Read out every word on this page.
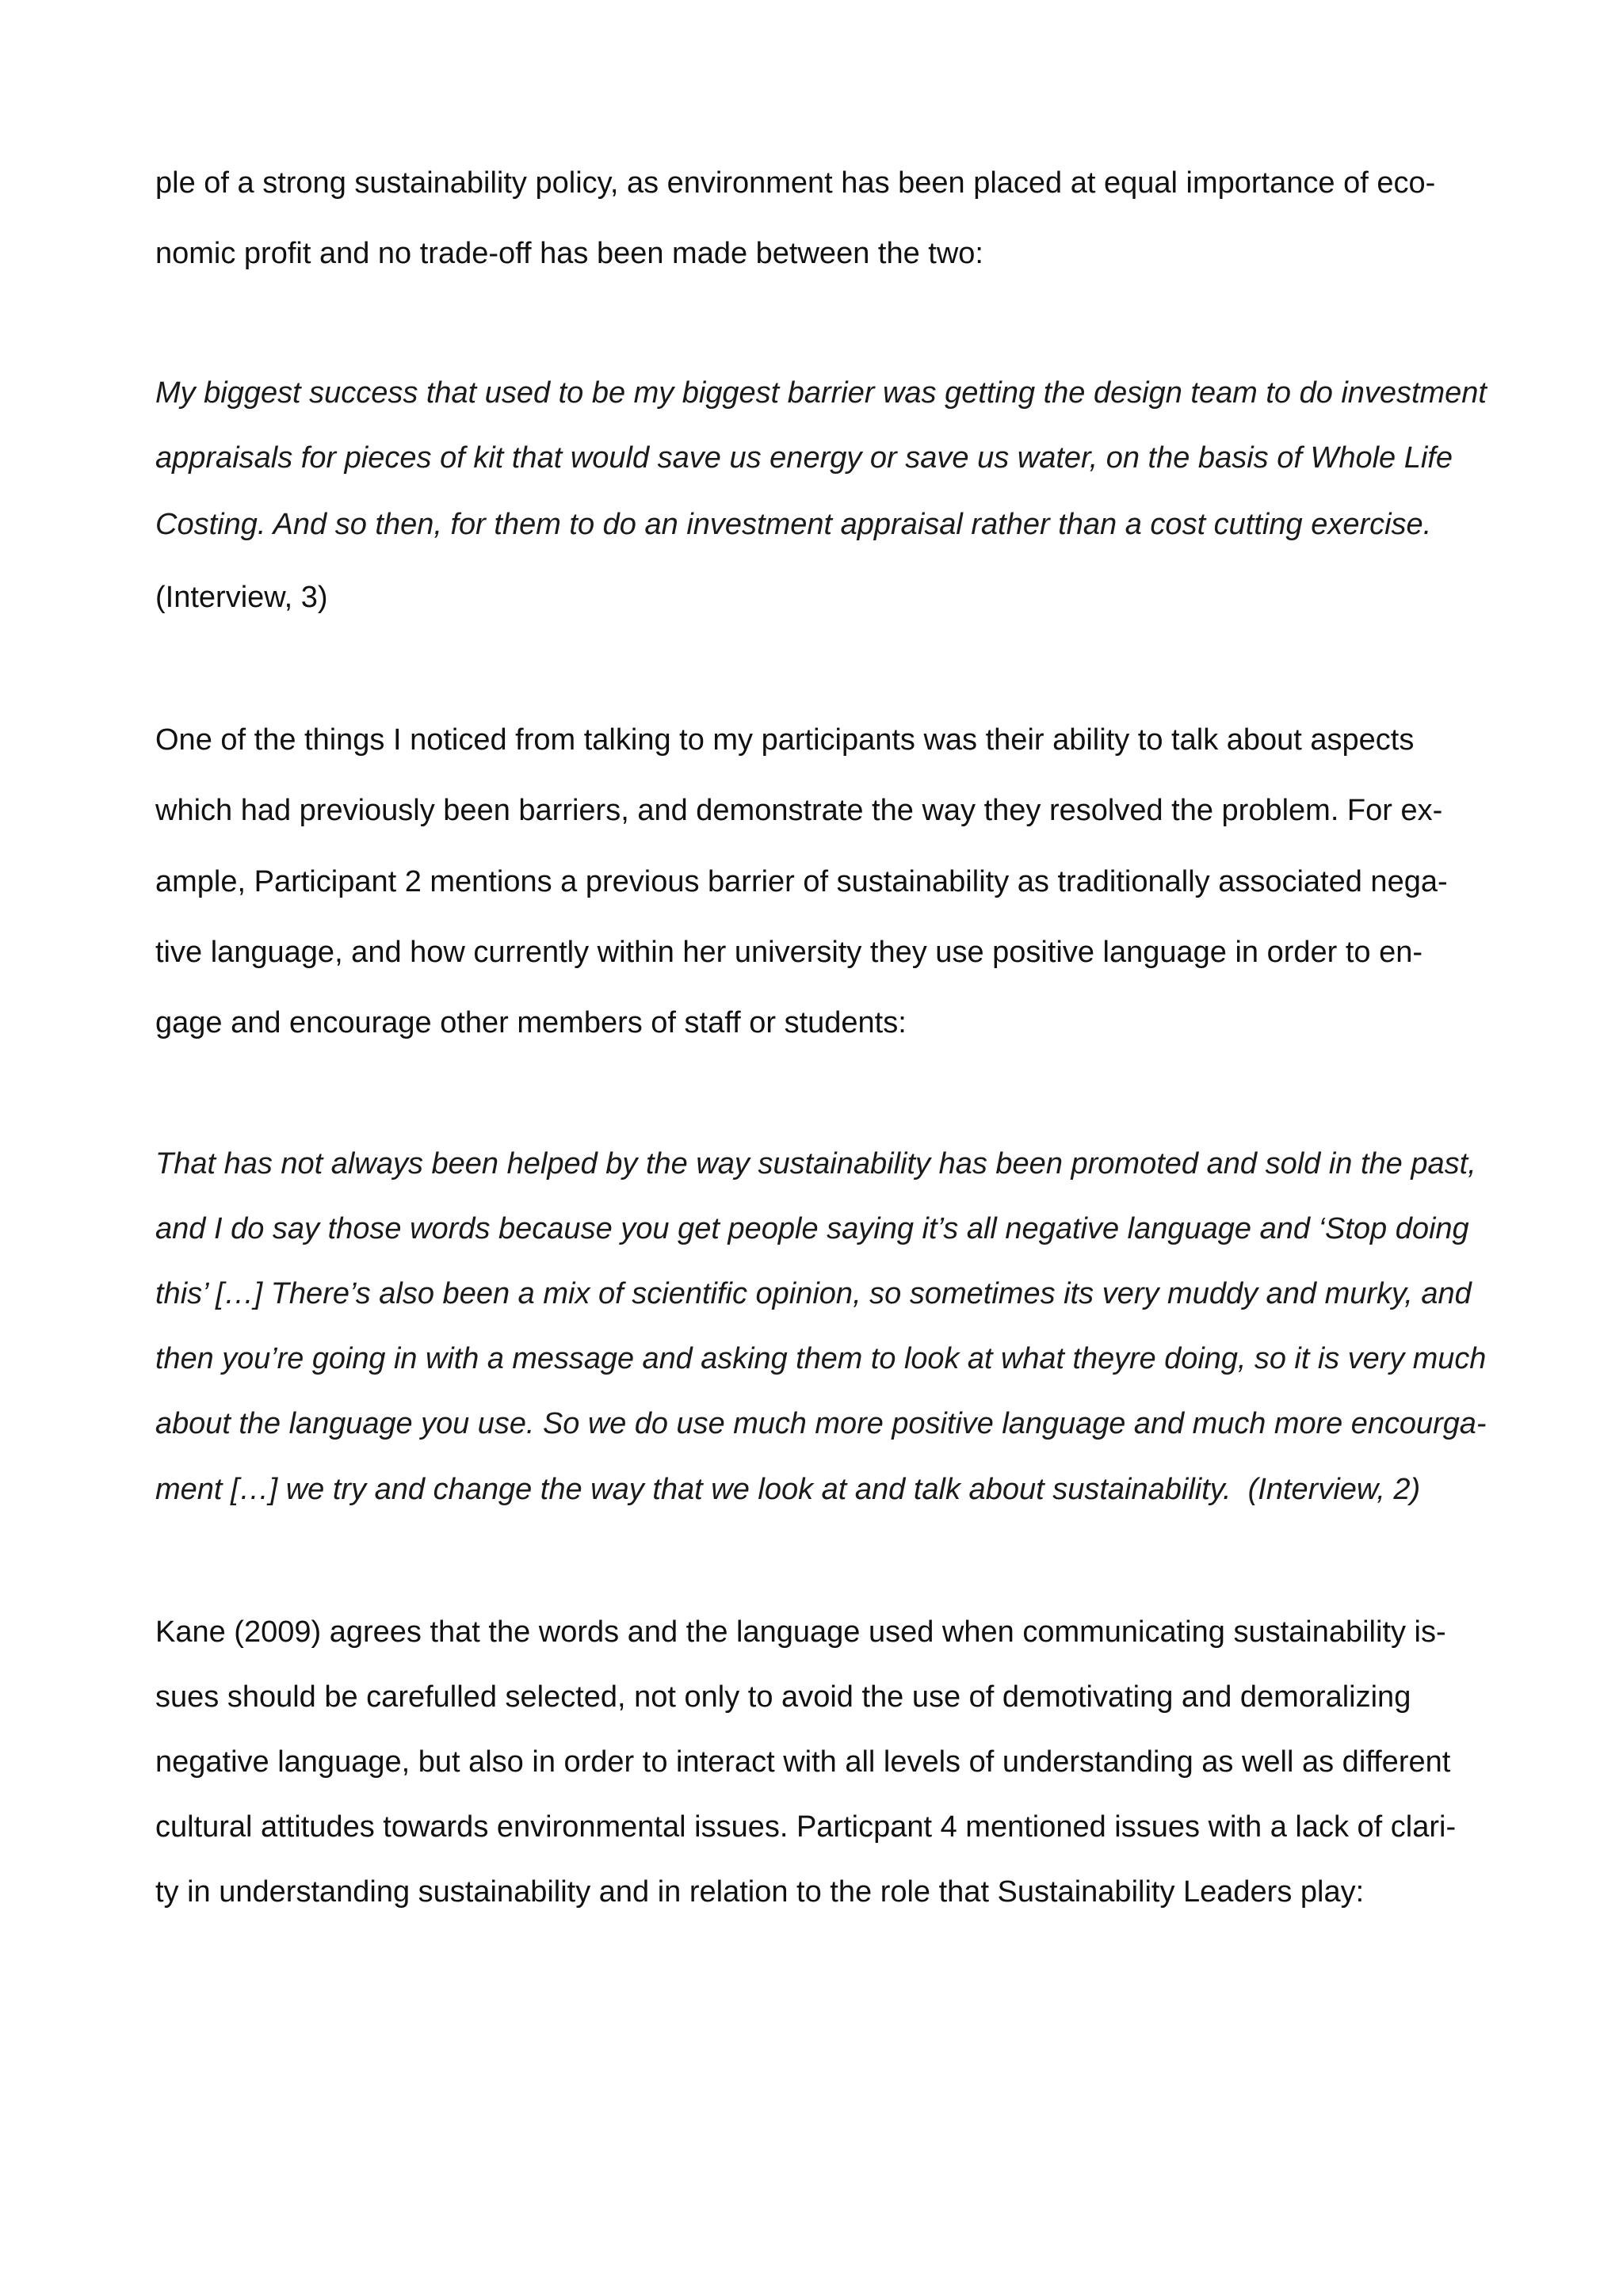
ple of a strong sustainability policy, as environment has been placed at equal importance of eco-
nomic profit and no trade-off has been made between the two:
My biggest success that used to be my biggest barrier was getting the design team to do investment
appraisals for pieces of kit that would save us energy or save us water, on the basis of Whole Life
Costing. And so then, for them to do an investment appraisal rather than a cost cutting exercise.
(Interview, 3)
One of the things I noticed from talking to my participants was their ability to talk about aspects
which had previously been barriers, and demonstrate the way they resolved the problem. For ex-
ample, Participant 2 mentions a previous barrier of sustainability as traditionally associated nega-
tive language, and how currently within her university they use positive language in order to en-
gage and encourage other members of staff or students:
That has not always been helped by the way sustainability has been promoted and sold in the past,
and I do say those words because you get people saying it’s all negative language and ‘Stop doing
this’ […] There’s also been a mix of scientific opinion, so sometimes its very muddy and murky, and
then you’re going in with a message and asking them to look at what theyre doing, so it is very much
about the language you use. So we do use much more positive language and much more encourga-
ment […] we try and change the way that we look at and talk about sustainability. (Interview, 2)
Kane (2009) agrees that the words and the language used when communicating sustainability is-
sues should be carefulled selected, not only to avoid the use of demotivating and demoralizing
negative language, but also in order to interact with all levels of understanding as well as different
cultural attitudes towards environmental issues. Particpant 4 mentioned issues with a lack of clari-
ty in understanding sustainability and in relation to the role that Sustainability Leaders play:
